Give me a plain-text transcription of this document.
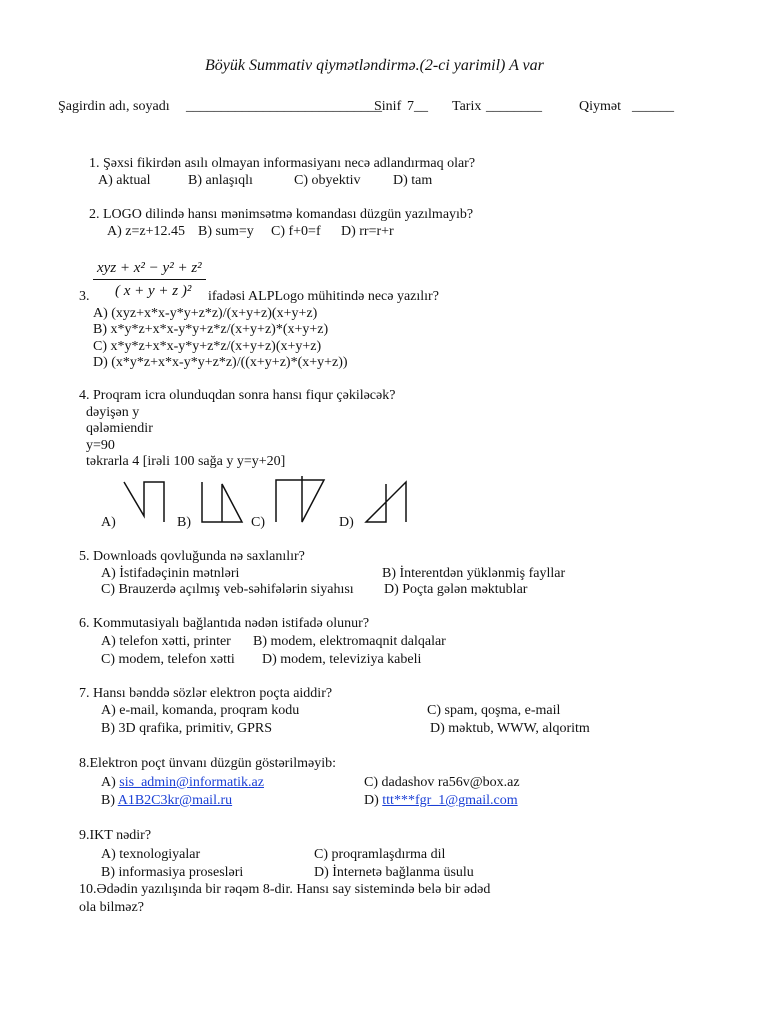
Böyük Summativ qiymətləndirmə.(2-ci yarimil) A var
Şagirdin adı, soyadı ____________________________
Sinif 7__ Tarix ________	Qiymət ______
1. Şəxsi fikirdən asılı olmayan informasiyanı necə adlandırmaq olar?
A) aktual	B) anlaşıqlı	C) obyektiv D) tam
2. LOGO dilində hansı mənimsətmə komandası düzgün yazılmayıb?
A) z=z+12.45 B) sum=y C) f+0=f D) rr=r+r
xyz + x² − y² + z²
( x + y + z )²
3.	ifadəsi ALPLogo mühitində necə yazılır?
A) (xyz+x*x-y*y+z*z)/(x+y+z)(x+y+z)
B) x*y*z+x*x-y*y+z*z/(x+y+z)*(x+y+z)
C) x*y*z+x*x-y*y+z*z/(x+y+z)(x+y+z)
D) (x*y*z+x*x-y*y+z*z)/((x+y+z)*(x+y+z))
4. Proqram icra olunduqdan sonra hansı fiqur çəkiləcək?
dəyişən y
qələmiendir
y=90
təkrarla 4 [irəli 100 sağa y y=y+20]
A)	B)	C)	D)
5. Downloads qovluğunda nə saxlanılır?
A) İstifadəçinin mətnləri	B) İnterentdən yüklənmiş fayllar
C) Brauzerdə açılmış veb-səhifələrin siyahısı D) Poçta gələn məktublar
6. Kommutasiyalı bağlantıda nədən istifadə olunur?
A) telefon xətti, printer B) modem, elektromaqnit dalqalar
C) modem, telefon xətti D) modem, televiziya kabeli
7. Hansı bənddə sözlər elektron poçta aiddir?
A) e-mail, komanda, proqram kodu	C) spam, qoşma, e-mail
B) 3D qrafika, primitiv, GPRS	D) məktub, WWW, alqoritm
8.Elektron poçt ünvanı düzgün göstərilməyib:
A) sis_admin@informatik.az	C) dadashov ra56v@box.az
B) A1B2C3kr@mail.ru	D) ttt***fgr_1@gmail.com
9.IKT nədir?
A) texnologiyalar	C) proqramlaşdırma dil
B) informasiya prosesləri	D) İnternetə bağlanma üsulu
10.Ədədin yazılışında bir rəqəm 8-dir. Hansı say sistemində belə bir ədəd
ola bilməz?
